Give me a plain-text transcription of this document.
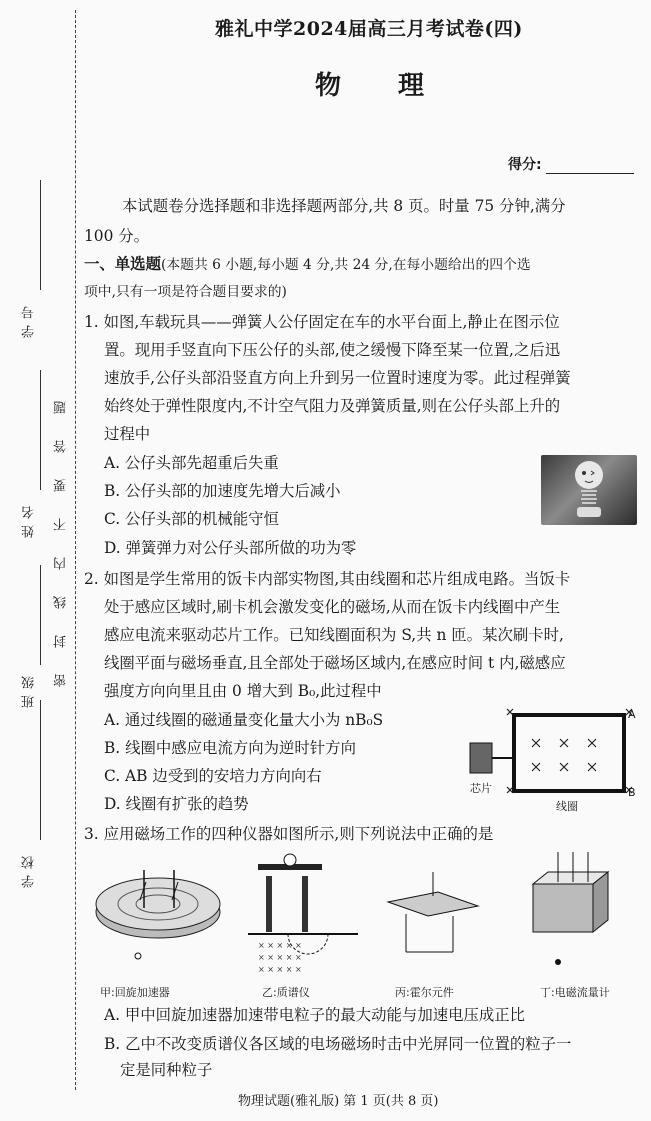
学号
姓名
班级
学校
密封线内不要答题
雅礼中学2024届高三月考试卷(四)
物 理
得分:
本试题卷分选择题和非选择题两部分,共 8 页。时量 75 分钟,满分
100 分。
一、单选题(本题共 6 小题,每小题 4 分,共 24 分,在每小题给出的四个选
项中,只有一项是符合题目要求的)
1. 如图,车载玩具——弹簧人公仔固定在车的水平台面上,静止在图示位
置。现用手竖直向下压公仔的头部,使之缓慢下降至某一位置,之后迅
速放手,公仔头部沿竖直方向上升到另一位置时速度为零。此过程弹簧
始终处于弹性限度内,不计空气阻力及弹簧质量,则在公仔头部上升的
过程中
A. 公仔头部先超重后失重
B. 公仔头部的加速度先增大后减小
C. 公仔头部的机械能守恒
D. 弹簧弹力对公仔头部所做的功为零
2. 如图是学生常用的饭卡内部实物图,其由线圈和芯片组成电路。当饭卡
处于感应区域时,刷卡机会激发变化的磁场,从而在饭卡内线圈中产生
感应电流来驱动芯片工作。已知线圈面积为 S,共 n 匝。某次刷卡时,
线圈平面与磁场垂直,且全部处于磁场区域内,在感应时间 t 内,磁感应
强度方向向里且由 0 增大到 B₀,此过程中
A. 通过线圈的磁通量变化量大小为 nB₀S
B. 线圈中感应电流方向为逆时针方向
C. AB 边受到的安培力方向向右
D. 线圈有扩张的趋势
A
B
芯片
线圈
3. 应用磁场工作的四种仪器如图所示,则下列说法中正确的是
× × × × ×
× × × × ×
× × × × ×
甲:回旋加速器	乙:质谱仪	丙:霍尔元件	丁:电磁流量计
A. 甲中回旋加速器加速带电粒子的最大动能与加速电压成正比
B. 乙中不改变质谱仪各区域的电场磁场时击中光屏同一位置的粒子一
定是同种粒子
物理试题(雅礼版) 第 1 页(共 8 页)
